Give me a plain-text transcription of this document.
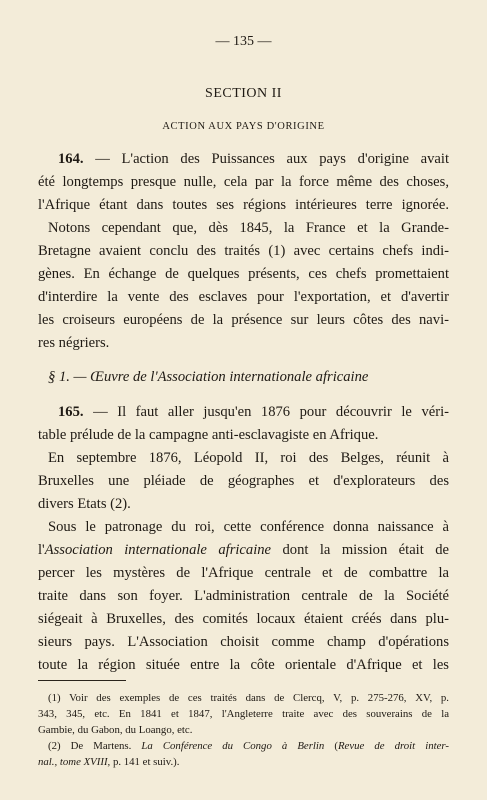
— 135 —
SECTION II
ACTION AUX PAYS D'ORIGINE
164. — L'action des Puissances aux pays d'origine avait
été longtemps presque nulle, cela par la force même des choses,
l'Afrique étant dans toutes ses régions intérieures terre ignorée.
Notons cependant que, dès 1845, la France et la Grande-
Bretagne avaient conclu des traités (1) avec certains chefs indi-
gènes. En échange de quelques présents, ces chefs promettaient
d'interdire la vente des esclaves pour l'exportation, et d'avertir
les croiseurs européens de la présence sur leurs côtes des navi-
res négriers.
§ 1. — Œuvre de l'Association internationale africaine
165. — Il faut aller jusqu'en 1876 pour découvrir le véri-
table prélude de la campagne anti-esclavagiste en Afrique.
En septembre 1876, Léopold II, roi des Belges, réunit à
Bruxelles une pléiade de géographes et d'explorateurs des
divers Etats (2).
Sous le patronage du roi, cette conférence donna naissance à
l'Association internationale africaine dont la mission était de
percer les mystères de l'Afrique centrale et de combattre la
traite dans son foyer. L'administration centrale de la Société
siégeait à Bruxelles, des comités locaux étaient créés dans plu-
sieurs pays. L'Association choisit comme champ d'opérations
toute la région située entre la côte orientale d'Afrique et les
(1) Voir des exemples de ces traités dans de Clercq, V, p. 275-276, XV, p.
343, 345, etc. En 1841 et 1847, l'Angleterre traite avec des souverains de la
Gambie, du Gabon, du Loango, etc.
(2) De Martens. La Conférence du Congo à Berlin (Revue de droit inter-
nal., tome XVIII, p. 141 et suiv.).
